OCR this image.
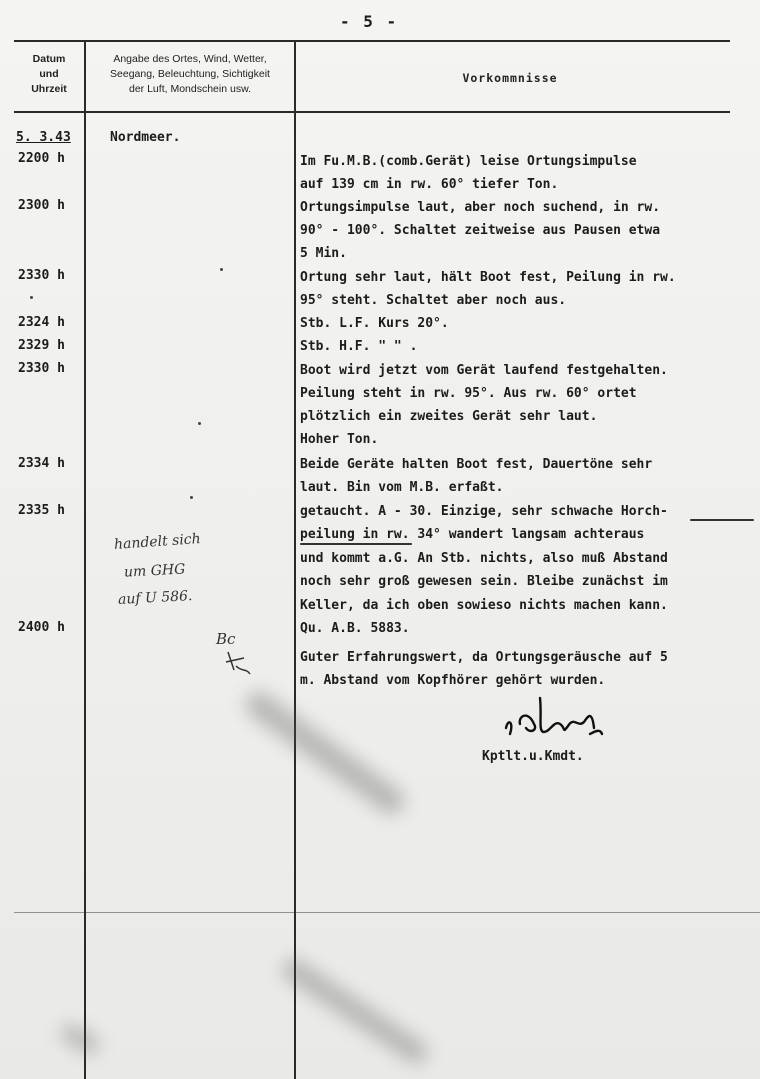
- 5 -
Datum
und
Uhrzeit
Angabe des Ortes, Wind, Wetter,
Seegang, Beleuchtung, Sichtigkeit
der Luft, Mondschein usw.
Vorkommnisse
5. 3.43	Nordmeer.
2200 h
2300 h
2330 h
2324 h
2329 h
2330 h
2334 h
2335 h
2400 h
Im Fu.M.B.(comb.Gerät) leise Ortungsimpulse
auf 139 cm in rw. 60° tiefer Ton.
Ortungsimpulse laut, aber noch suchend, in rw.
90° - 100°. Schaltet zeitweise aus Pausen etwa
5 Min.
Ortung sehr laut, hält Boot fest, Peilung in rw.
95° steht. Schaltet aber noch aus.
Stb. L.F. Kurs 20°.
Stb. H.F. " " .
Boot wird jetzt vom Gerät laufend festgehalten.
Peilung steht in rw. 95°. Aus rw. 60° ortet
plötzlich ein zweites Gerät sehr laut.
Hoher Ton.
Beide Geräte halten Boot fest, Dauertöne sehr
laut. Bin vom M.B. erfaßt.
getaucht. A - 30. Einzige, sehr schwache Horch-
peilung in rw. 34° wandert langsam achteraus
und kommt a.G. An Stb. nichts, also muß Abstand
noch sehr groß gewesen sein. Bleibe zunächst im
Keller, da ich oben sowieso nichts machen kann.
Qu. A.B. 5883.
Guter Erfahrungswert, da Ortungsgeräusche auf 5
m. Abstand vom Kopfhörer gehört wurden.
handelt sich
um GHG
auf U 586.
Bc
Kptlt.u.Kmdt.
